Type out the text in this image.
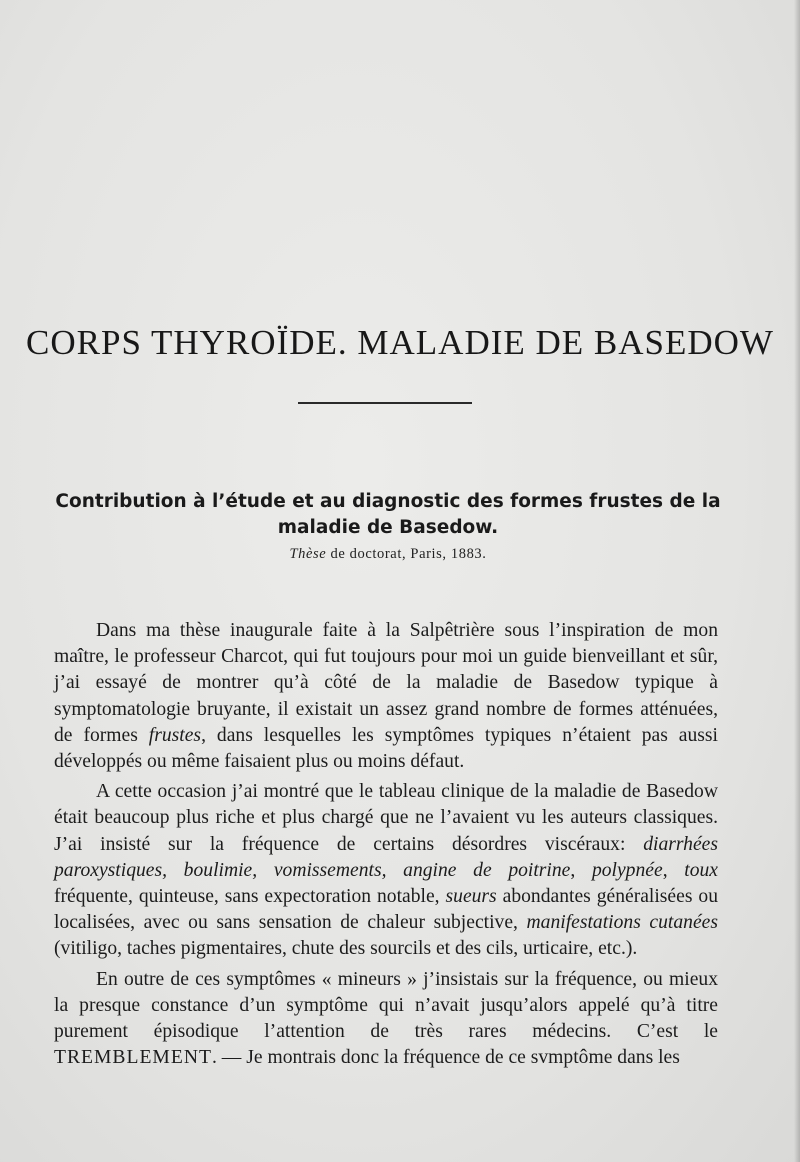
CORPS THYROÏDE. MALADIE DE BASEDOW
Contribution à l’étude et au diagnostic des formes frustes de la
maladie de Basedow.
Thèse de doctorat, Paris, 1883.

Dans ma thèse inaugurale faite à la Salpêtrière sous l’inspiration de mon maître, le professeur Charcot, qui fut toujours pour moi un guide bienveillant et sûr, j’ai essayé de montrer qu’à côté de la maladie de Basedow typique à symptomatologie bruyante, il existait un assez grand nombre de formes atténuées, de formes frustes, dans lesquelles les symptômes typiques n’étaient pas aussi développés ou même faisaient plus ou moins défaut.

A cette occasion j’ai montré que le tableau clinique de la maladie de Basedow était beaucoup plus riche et plus chargé que ne l’avaient vu les auteurs classiques. J’ai insisté sur la fréquence de certains désordres viscéraux: diarrhées paroxystiques, boulimie, vomissements, angine de poitrine, polypnée, toux fréquente, quinteuse, sans expectoration notable, sueurs abondantes généralisées ou localisées, avec ou sans sensation de chaleur subjective, manifestations cutanées (vitiligo, taches pigmentaires, chute des sourcils et des cils, urticaire, etc.).

En outre de ces symptômes « mineurs » j’insistais sur la fréquence, ou mieux la presque constance d’un symptôme qui n’avait jusqu’alors appelé qu’à titre purement épisodique l’attention de très rares médecins. C’est le TREMBLEMENT. — Je montrais donc la fréquence de ce svmptôme dans les
